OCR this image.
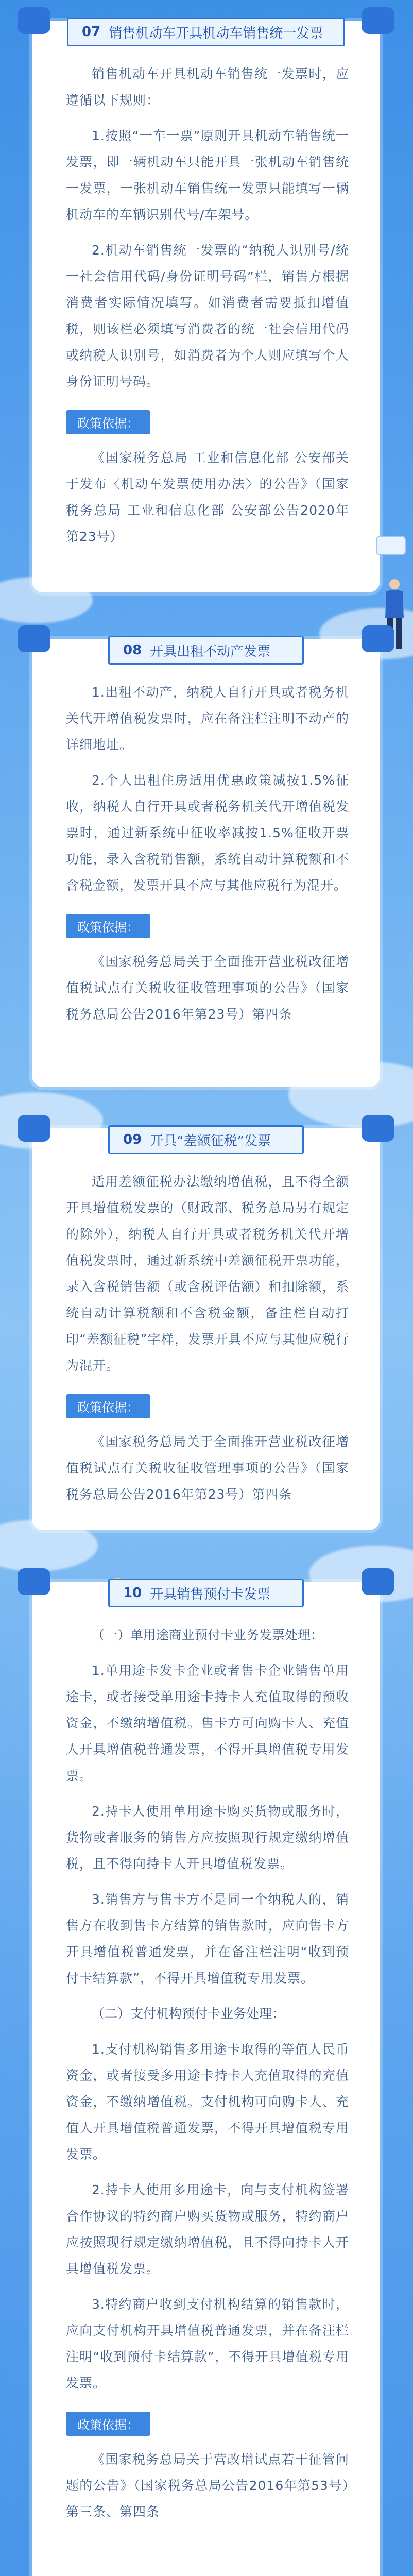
07 销售机动车开具机动车销售统一发票

销售机动车开具机动车销售统一发票时，应遵循以下规则：

1.按照“一车一票”原则开具机动车销售统一发票，即一辆机动车只能开具一张机动车销售统一发票，一张机动车销售统一发票只能填写一辆机动车的车辆识别代号/车架号。

2.机动车销售统一发票的“纳税人识别号/统一社会信用代码/身份证明号码”栏，销售方根据消费者实际情况填写。如消费者需要抵扣增值税，则该栏必须填写消费者的统一社会信用代码或纳税人识别号，如消费者为个人则应填写个人身份证明号码。

政策依据：

《国家税务总局 工业和信息化部 公安部关于发布〈机动车发票使用办法〉的公告》（国家税务总局 工业和信息化部 公安部公告2020年第23号）

08 开具出租不动产发票

1.出租不动产，纳税人自行开具或者税务机关代开增值税发票时，应在备注栏注明不动产的详细地址。

2.个人出租住房适用优惠政策减按1.5%征收，纳税人自行开具或者税务机关代开增值税发票时，通过新系统中征收率减按1.5%征收开票功能，录入含税销售额，系统自动计算税额和不含税金额，发票开具不应与其他应税行为混开。

政策依据：

《国家税务总局关于全面推开营业税改征增值税试点有关税收征收管理事项的公告》（国家税务总局公告2016年第23号）第四条

09 开具“差额征税”发票

适用差额征税办法缴纳增值税，且不得全额开具增值税发票的（财政部、税务总局另有规定的除外），纳税人自行开具或者税务机关代开增值税发票时，通过新系统中差额征税开票功能，录入含税销售额（或含税评估额）和扣除额，系统自动计算税额和不含税金额，备注栏自动打印“差额征税”字样，发票开具不应与其他应税行为混开。

政策依据：

《国家税务总局关于全面推开营业税改征增值税试点有关税收征收管理事项的公告》（国家税务总局公告2016年第23号）第四条

10 开具销售预付卡发票

（一）单用途商业预付卡业务发票处理：

1.单用途卡发卡企业或者售卡企业销售单用途卡，或者接受单用途卡持卡人充值取得的预收资金，不缴纳增值税。售卡方可向购卡人、充值人开具增值税普通发票，不得开具增值税专用发票。

2.持卡人使用单用途卡购买货物或服务时，货物或者服务的销售方应按照现行规定缴纳增值税，且不得向持卡人开具增值税发票。

3.销售方与售卡方不是同一个纳税人的，销售方在收到售卡方结算的销售款时，应向售卡方开具增值税普通发票，并在备注栏注明“收到预付卡结算款”，不得开具增值税专用发票。

（二）支付机构预付卡业务处理：

1.支付机构销售多用途卡取得的等值人民币资金，或者接受多用途卡持卡人充值取得的充值资金，不缴纳增值税。支付机构可向购卡人、充值人开具增值税普通发票，不得开具增值税专用发票。

2.持卡人使用多用途卡，向与支付机构签署合作协议的特约商户购买货物或服务，特约商户应按照现行规定缴纳增值税，且不得向持卡人开具增值税发票。

3.特约商户收到支付机构结算的销售款时，应向支付机构开具增值税普通发票，并在备注栏注明“收到预付卡结算款”，不得开具增值税专用发票。

政策依据：

《国家税务总局关于营改增试点若干征管问题的公告》（国家税务总局公告2016年第53号）第三条、第四条
